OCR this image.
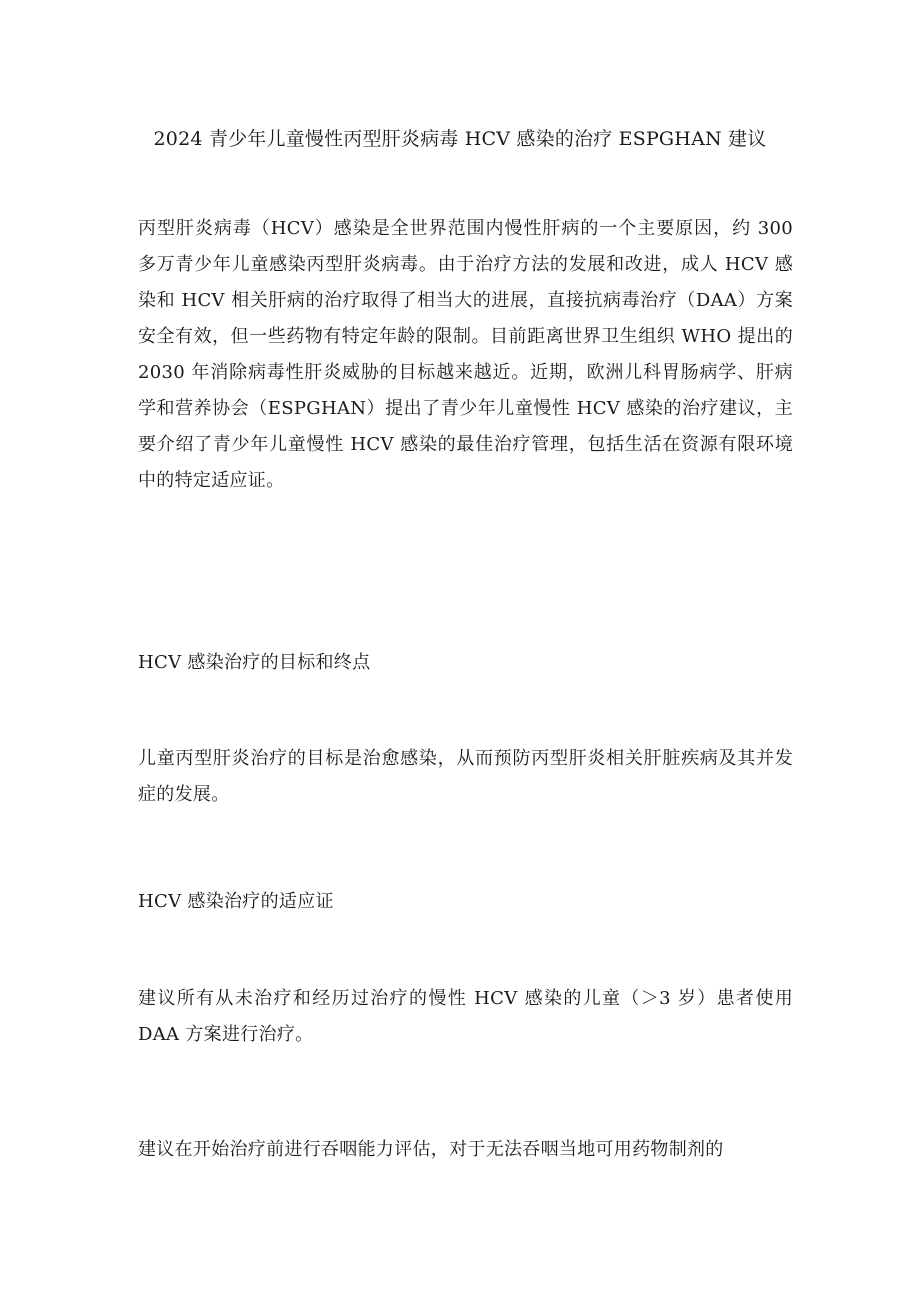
2024 青少年儿童慢性丙型肝炎病毒 HCV 感染的治疗 ESPGHAN 建议

丙型肝炎病毒（HCV）感染是全世界范围内慢性肝病的一个主要原因，约 300 多万青少年儿童感染丙型肝炎病毒。由于治疗方法的发展和改进，成人 HCV 感染和 HCV 相关肝病的治疗取得了相当大的进展，直接抗病毒治疗（DAA）方案安全有效，但一些药物有特定年龄的限制。目前距离世界卫生组织 WHO 提出的 2030 年消除病毒性肝炎威胁的目标越来越近。近期，欧洲儿科胃肠病学、肝病学和营养协会（ESPGHAN）提出了青少年儿童慢性 HCV 感染的治疗建议，主要介绍了青少年儿童慢性 HCV 感染的最佳治疗管理，包括生活在资源有限环境中的特定适应证。

HCV 感染治疗的目标和终点

儿童丙型肝炎治疗的目标是治愈感染，从而预防丙型肝炎相关肝脏疾病及其并发症的发展。

HCV 感染治疗的适应证

建议所有从未治疗和经历过治疗的慢性 HCV 感染的儿童（＞3 岁）患者使用 DAA 方案进行治疗。

建议在开始治疗前进行吞咽能力评估，对于无法吞咽当地可用药物制剂的
